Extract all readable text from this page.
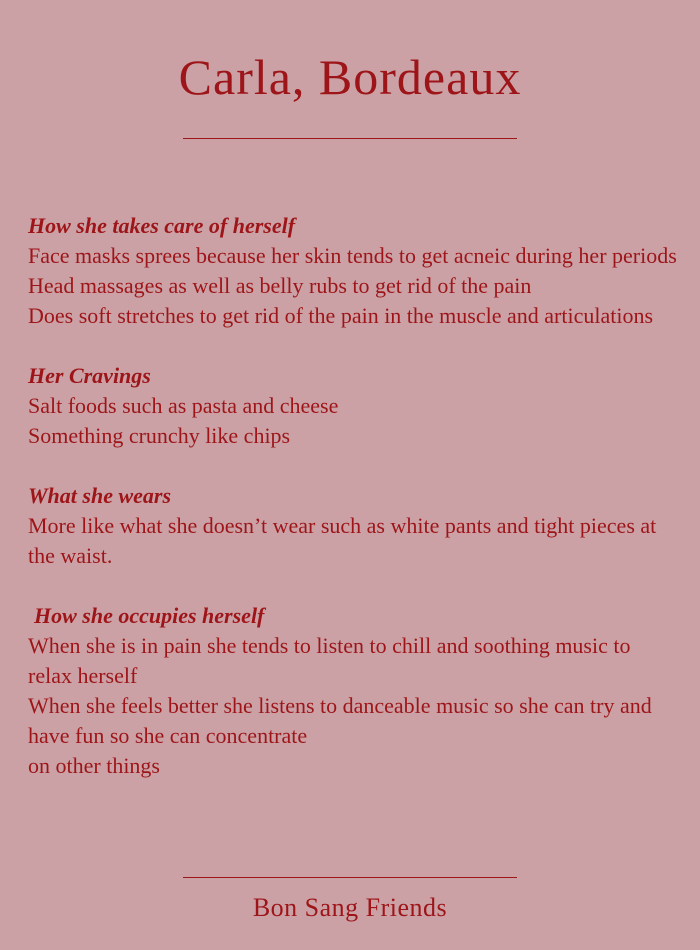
Carla, Bordeaux

How she takes care of herself

Face masks sprees because her skin tends to get acneic during her periods

Head massages as well as belly rubs to get rid of the pain

Does soft stretches to get rid of the pain in the muscle and articulations

Her Cravings

Salt foods such as pasta and cheese

Something crunchy like chips

What she wears

More like what she doesn’t wear such as white pants and tight pieces at the waist.

How she occupies herself

When she is in pain she tends to listen to chill and soothing music to relax herself

When she feels better she listens to danceable music so she can try and have fun so she can concentrate

on other things

Bon Sang Friends
